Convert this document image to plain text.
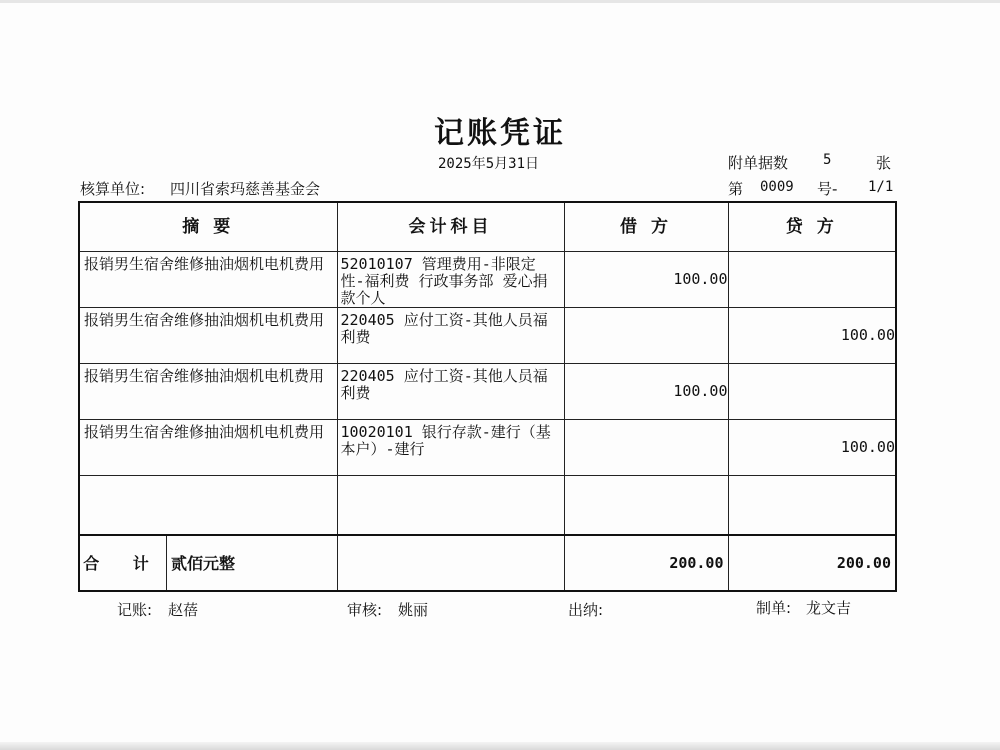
记账凭证
2025年5月31日	附单据数 5	张
核算单位: 四川省索玛慈善基金会	第 0009 号- 1/1
摘 要	会计科目	借 方	贷 方

报销男生宿舍维修抽油烟机电机费用	52010107 管理费用-非限定性-福利费 行政事务部 爱心捐款个人	100.00	

报销男生宿舍维修抽油烟机电机费用	220405 应付工资-其他人员福利费		100.00

报销男生宿舍维修抽油烟机电机费用	220405 应付工资-其他人员福利费	100.00	

报销男生宿舍维修抽油烟机电机费用	10020101 银行存款-建行（基本户）-建行		100.00

合 计 贰佰元整		200.00	200.00
记账: 赵蓓	审核: 姚丽	出纳:	制单: 龙文吉
